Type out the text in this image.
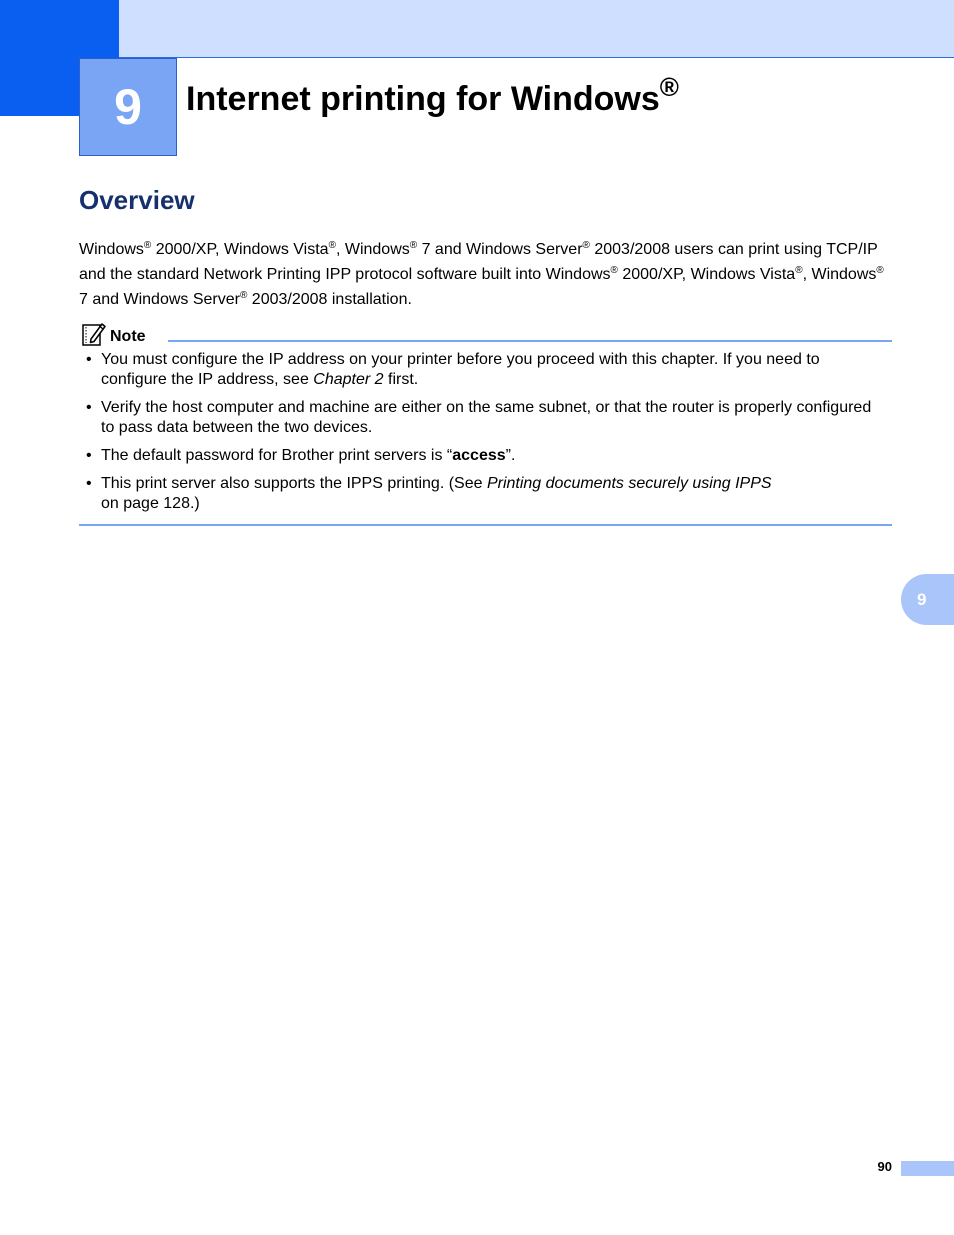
9 Internet printing for Windows®
Overview

Windows® 2000/XP, Windows Vista®, Windows® 7 and Windows Server® 2003/2008 users can print using TCP/IP and the standard Network Printing IPP protocol software built into Windows® 2000/XP, Windows Vista®, Windows® 7 and Windows Server® 2003/2008 installation.

Note
• You must configure the IP address on your printer before you proceed with this chapter. If you need to configure the IP address, see Chapter 2 first.
• Verify the host computer and machine are either on the same subnet, or that the router is properly configured to pass data between the two devices.
• The default password for Brother print servers is “access”.
• This print server also supports the IPPS printing. (See Printing documents securely using IPPS
on page 128.)
9
90
